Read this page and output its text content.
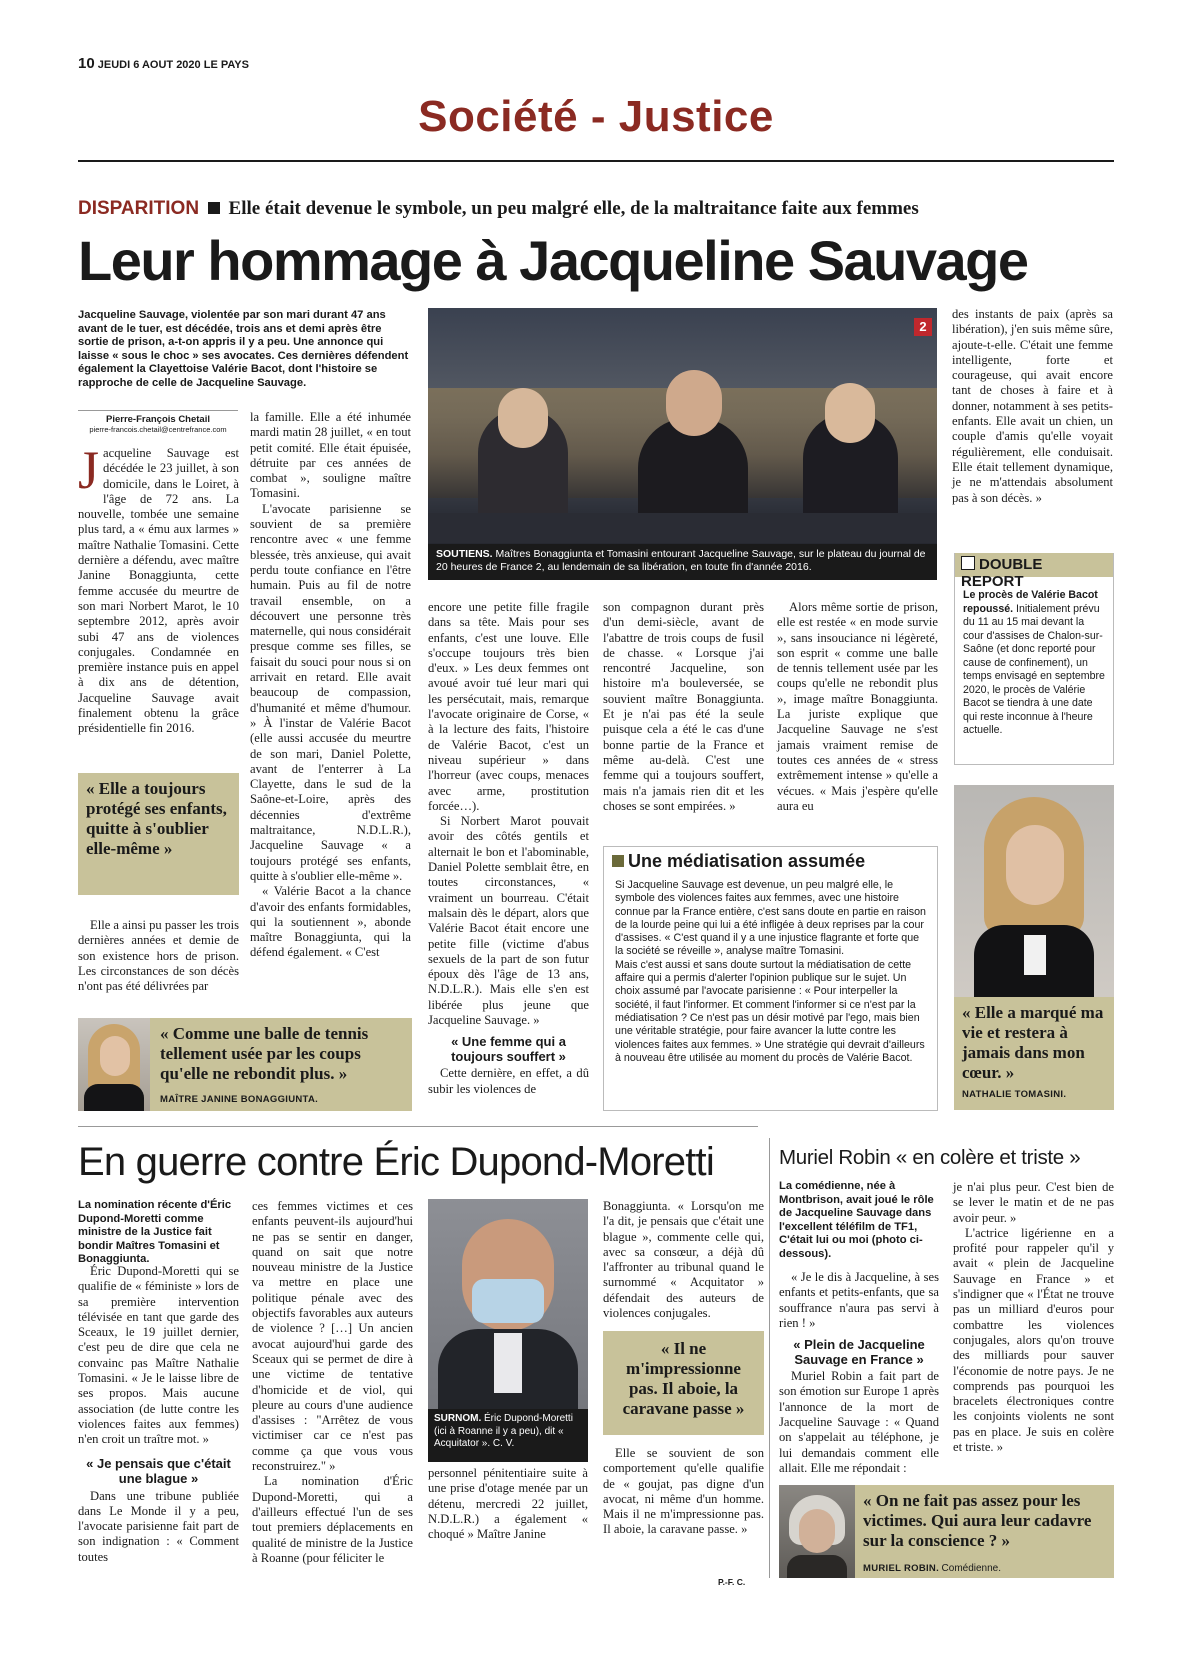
10 JEUDI 6 AOUT 2020 LE PAYS
Société - Justice
DISPARITION Elle était devenue le symbole, un peu malgré elle, de la maltraitance faite aux femmes
Leur hommage à Jacqueline Sauvage
Jacqueline Sauvage, violentée par son mari durant 47 ans avant de le tuer, est décédée, trois ans et demi après être sortie de prison, a-t-on appris il y a peu. Une annonce qui laisse « sous le choc » ses avocates. Ces dernières défendent également la Clayettoise Valérie Bacot, dont l'histoire se rapproche de celle de Jacqueline Sauvage.
Pierre-François Chetail
pierre-francois.chetail@centrefrance.com

J acqueline Sauvage est décédée le 23 juillet, à son domicile, dans le Loiret, à l'âge de 72 ans. La nouvelle, tombée une semaine plus tard, a « ému aux larmes » maître Nathalie Tomasini. Cette dernière a défendu, avec maître Janine Bonaggiunta, cette femme accusée du meurtre de son mari Norbert Marot, le 10 septembre 2012, après avoir subi 47 ans de violences conjugales. Condamnée en première instance puis en appel à dix ans de détention, Jacqueline Sauvage avait finalement obtenu la grâce présidentielle fin 2016.

« Elle a toujours protégé ses enfants, quitte à s'oublier elle-même »

Elle a ainsi pu passer les trois dernières années et demie de son existence hors de prison. Les circonstances de son décès n'ont pas été délivrées par

la famille. Elle a été inhumée mardi matin 28 juillet, « en tout petit comité. Elle était épuisée, détruite par ces années de combat », souligne maître Tomasini.

L'avocate parisienne se souvient de sa première rencontre avec « une femme blessée, très anxieuse, qui avait perdu toute confiance en l'être humain. Puis au fil de notre travail ensemble, on a découvert une personne très maternelle, qui nous considérait presque comme ses filles, se faisait du souci pour nous si on arrivait en retard. Elle avait beaucoup de compassion, d'humanité et même d'humour. » À l'instar de Valérie Bacot (elle aussi accusée du meurtre de son mari, Daniel Polette, avant de l'enterrer à La Clayette, dans le sud de la Saône-et-Loire, après des décennies d'extrême maltraitance, N.D.L.R.), Jacqueline Sauvage « a toujours protégé ses enfants, quitte à s'oublier elle-même ».

« Valérie Bacot a la chance d'avoir des enfants formidables, qui la soutiennent », abonde maître Bonaggiunta, qui la défend également. « C'est

2
SOUTIENS. Maîtres Bonaggiunta et Tomasini entourant Jacqueline Sauvage, sur le plateau du journal de 20 heures de France 2, au lendemain de sa libération, en toute fin d'année 2016.

des instants de paix (après sa libération), j'en suis même sûre, ajoute-t-elle. C'était une femme intelligente, forte et courageuse, qui avait encore tant de choses à faire et à donner, notamment à ses petits-enfants. Elle avait un chien, un couple d'amis qu'elle voyait régulièrement, elle conduisait. Elle était tellement dynamique, je ne m'attendais absolument pas à son décès. »

DOUBLE REPORT
Le procès de Valérie Bacot repoussé. Initialement prévu du 11 au 15 mai devant la cour d'assises de Chalon-sur-Saône (et donc reporté pour cause de confinement), un temps envisagé en septembre 2020, le procès de Valérie Bacot se tiendra à une date qui reste inconnue à l'heure actuelle.
« Elle a marqué ma vie et restera à jamais dans mon cœur. »
NATHALIE TOMASINI.
« Comme une balle de tennis tellement usée par les coups qu'elle ne rebondit plus. »
MAÎTRE JANINE BONAGGIUNTA.

encore une petite fille fragile dans sa tête. Mais pour ses enfants, c'est une louve. Elle s'occupe toujours très bien d'eux. » Les deux femmes ont avoué avoir tué leur mari qui les persécutait, mais, remarque l'avocate originaire de Corse, « à la lecture des faits, l'histoire de Valérie Bacot, c'est un niveau supérieur » dans l'horreur (avec coups, menaces avec arme, prostitution forcée…).

Si Norbert Marot pouvait avoir des côtés gentils et alternait le bon et l'abominable, Daniel Polette semblait être, en toutes circonstances, « vraiment un bourreau. C'était malsain dès le départ, alors que Valérie Bacot était encore une petite fille (victime d'abus sexuels de la part de son futur époux dès l'âge de 13 ans, N.D.L.R.). Mais elle s'en est libérée plus jeune que Jacqueline Sauvage. »

« Une femme qui a toujours souffert »

Cette dernière, en effet, a dû subir les violences de

son compagnon durant près d'un demi-siècle, avant de l'abattre de trois coups de fusil de chasse. « Lorsque j'ai rencontré Jacqueline, son histoire m'a bouleversée, se souvient maître Bonaggiunta. Et je n'ai pas été la seule puisque cela a été le cas d'une bonne partie de la France et même au-delà. C'est une femme qui a toujours souffert, mais n'a jamais rien dit et les choses se sont empirées. »

Alors même sortie de prison, elle est restée « en mode survie », sans insouciance ni légèreté, son esprit « comme une balle de tennis tellement usée par les coups qu'elle ne rebondit plus », image maître Bonaggiunta. La juriste explique que Jacqueline Sauvage ne s'est jamais vraiment remise de toutes ces années de « stress extrêmement intense » qu'elle a vécues. « Mais j'espère qu'elle aura eu

Une médiatisation assumée

Si Jacqueline Sauvage est devenue, un peu malgré elle, le symbole des violences faites aux femmes, avec une histoire connue par la France entière, c'est sans doute en partie en raison de la lourde peine qui lui a été infligée à deux reprises par la cour d'assises. « C'est quand il y a une injustice flagrante et forte que la société se réveille », analyse maître Tomasini.

Mais c'est aussi et sans doute surtout la médiatisation de cette affaire qui a permis d'alerter l'opinion publique sur le sujet. Un choix assumé par l'avocate parisienne : « Pour interpeller la société, il faut l'informer. Et comment l'informer si ce n'est par la médiatisation ? Ce n'est pas un désir motivé par l'ego, mais bien une véritable stratégie, pour faire avancer la lutte contre les violences faites aux femmes. » Une stratégie qui devrait d'ailleurs à nouveau être utilisée au moment du procès de Valérie Bacot.

En guerre contre Éric Dupond-Moretti
La nomination récente d'Éric Dupond-Moretti comme ministre de la Justice fait bondir Maîtres Tomasini et Bonaggiunta.

Éric Dupond-Moretti qui se qualifie de « féministe » lors de sa première intervention télévisée en tant que garde des Sceaux, le 19 juillet dernier, c'est peu de dire que cela ne convainc pas Maître Nathalie Tomasini. « Je le laisse libre de ses propos. Mais aucune association (de lutte contre les violences faites aux femmes) n'en croit un traître mot. »

« Je pensais que c'était une blague »

Dans une tribune publiée dans Le Monde il y a peu, l'avocate parisienne fait part de son indignation : « Comment toutes

ces femmes victimes et ces enfants peuvent-ils aujourd'hui ne pas se sentir en danger, quand on sait que notre nouveau ministre de la Justice va mettre en place une politique pénale avec des objectifs favorables aux auteurs de violence ? […] Un ancien avocat aujourd'hui garde des Sceaux qui se permet de dire à une victime de tentative d'homicide et de viol, qui pleure au cours d'une audience d'assises : "Arrêtez de vous victimiser car ce n'est pas comme ça que vous vous reconstruirez." »

La nomination d'Éric Dupond-Moretti, qui a d'ailleurs effectué l'un de ses tout premiers déplacements en qualité de ministre de la Justice à Roanne (pour féliciter le

SURNOM. Éric Dupond-Moretti (ici à Roanne il y a peu), dit « Acquitator ». C. V.

personnel pénitentiaire suite à une prise d'otage menée par un détenu, mercredi 22 juillet, N.D.L.R.) a également « choqué » Maître Janine

Bonaggiunta. « Lorsqu'on me l'a dit, je pensais que c'était une blague », commente celle qui, avec sa consœur, a déjà dû l'affronter au tribunal quand le surnommé « Acquitator » défendait des auteurs de violences conjugales.

« Il ne m'impressionne pas. Il aboie, la caravane passe »

Elle se souvient de son comportement qu'elle qualifie de « goujat, pas digne d'un avocat, ni même d'un homme. Mais il ne m'impressionne pas. Il aboie, la caravane passe. »

P.-F. C.
Muriel Robin « en colère et triste »
La comédienne, née à Montbrison, avait joué le rôle de Jacqueline Sauvage dans l'excellent téléfilm de TF1, C'était lui ou moi (photo ci-dessous).

« Je le dis à Jacqueline, à ses enfants et petits-enfants, que sa souffrance n'aura pas servi à rien ! »

« Plein de Jacqueline Sauvage en France »

Muriel Robin a fait part de son émotion sur Europe 1 après l'annonce de la mort de Jacqueline Sauvage : « Quand on s'appelait au téléphone, je lui demandais comment elle allait. Elle me répondait :

je n'ai plus peur. C'est bien de se lever le matin et de ne pas avoir peur. »

L'actrice ligérienne en a profité pour rappeler qu'il y avait « plein de Jacqueline Sauvage en France » et s'indigner que « l'État ne trouve pas un milliard d'euros pour combattre les violences conjugales, alors qu'on trouve des milliards pour sauver l'économie de notre pays. Je ne comprends pas pourquoi les bracelets électroniques contre les conjoints violents ne sont pas en place. Je suis en colère et triste. »

« On ne fait pas assez pour les victimes. Qui aura leur cadavre sur la conscience ? »
MURIEL ROBIN. Comédienne.
